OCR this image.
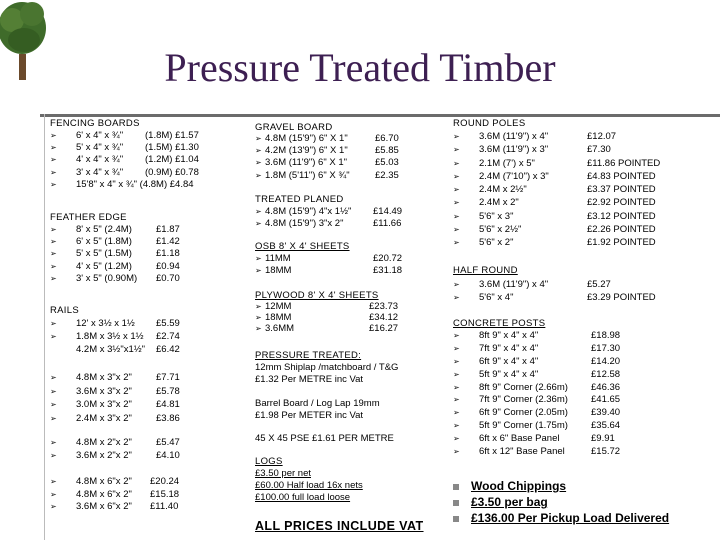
Pressure Treated Timber
FENCING BOARDS
➢ 6' x 4" x ¾" (1.8M) £1.57
➢ 5' x 4" x ¾" (1.5M) £1.30
➢ 4' x 4" x ¾" (1.2M) £1.04
➢ 3' x 4" x ¾" (0.9M) £0.78
➢ 15'8" x 4" x ¾" (4.8M) £4.84
FEATHER EDGE
➢ 8' x 5" (2.4M)	£1.87
➢ 6' x 5" (1.8M)	£1.42
➢ 5' x 5" (1.5M)	£1.18
➢ 4' x 5" (1.2M)	£0.94
➢ 3' x 5" (0.90M) £0.70
RAILS
➢ 12' x 3½ x 1½ £5.59
➢ 1.8M x 3½ x 1½ £2.74
4.2M x 3½"x1½" £6.42
➢ 4.8M x 3"x 2"	£7.71
➢ 3.6M x 3"x 2"	£5.78
➢ 3.0M x 3"x 2"	£4.81
➢ 2.4M x 3"x 2"	£3.86
➢ 4.8M x 2"x 2"	£5.47
➢ 3.6M x 2"x 2"	£4.10
➢ 4.8M x 6"x 2" £20.24
➢ 4.8M x 6"x 2" £15.18
➢ 3.6M x 6"x 2" £11.40
GRAVEL BOARD
➢ 4.8M (15'9") 6" X 1"	£6.70
➢ 4.2M (13'9") 6" X 1"	£5.85
➢ 3.6M (11'9") 6" X 1"	£5.03
➢ 1.8M (5'11") 6" X ¾"	£2.35
TREATED PLANED
➢ 4.8M (15'9") 4"x 1½" £14.49
➢ 4.8M (15'9") 3"x 2"	£11.66
OSB 8' X 4' SHEETS
➢ 11MM	£20.72
➢ 18MM	£31.18
PLYWOOD 8' X 4' SHEETS
➢ 12MM	£23.73
➢ 18MM	£34.12
➢ 3.6MM	£16.27
PRESSURE TREATED:
12mm Shiplap /matchboard / T&G
£1.32 Per METRE inc Vat
Barrel Board / Log Lap 19mm
£1.98 Per METER inc Vat
45 X 45 PSE £1.61 PER METRE
LOGS
£3.50 per net
£60.00 Half load 16x nets
£100.00 full load loose
ALL PRICES INCLUDE VAT
ROUND POLES
➢ 3.6M (11'9") x 4"	£12.07
➢ 3.6M (11'9") x 3"	£7.30
➢ 2.1M (7') x 5"	£11.86 POINTED
➢ 2.4M (7'10") x 3"	£4.83 POINTED
➢ 2.4M x 2½"	£3.37 POINTED
➢ 2.4M x 2"	£2.92 POINTED
➢ 5'6" x 3"	£3.12 POINTED
➢ 5'6" x 2½"	£2.26 POINTED
➢ 5'6" x 2"	£1.92 POINTED
HALF ROUND
➢ 3.6M (11'9") x 4"	£5.27
➢ 5'6" x 4"	£3.29 POINTED
CONCRETE POSTS
➢ 8ft 9" x 4" x 4"	£18.98
➢ 7ft 9" x 4" x 4"	£17.30
➢ 6ft 9" x 4" x 4"	£14.20
➢ 5ft 9" x 4" x 4"	£12.58
➢ 8ft 9" Corner (2.66m) £46.36
➢ 7ft 9" Corner (2.36m) £41.65
➢ 6ft 9" Corner (2.05m) £39.40
➢ 5ft 9" Corner (1.75m) £35.64
➢ 6ft x 6" Base Panel	£9.91
➢ 6ft x 12" Base Panel	£15.72
Wood Chippings
£3.50 per bag
£136.00 Per Pickup Load Delivered
